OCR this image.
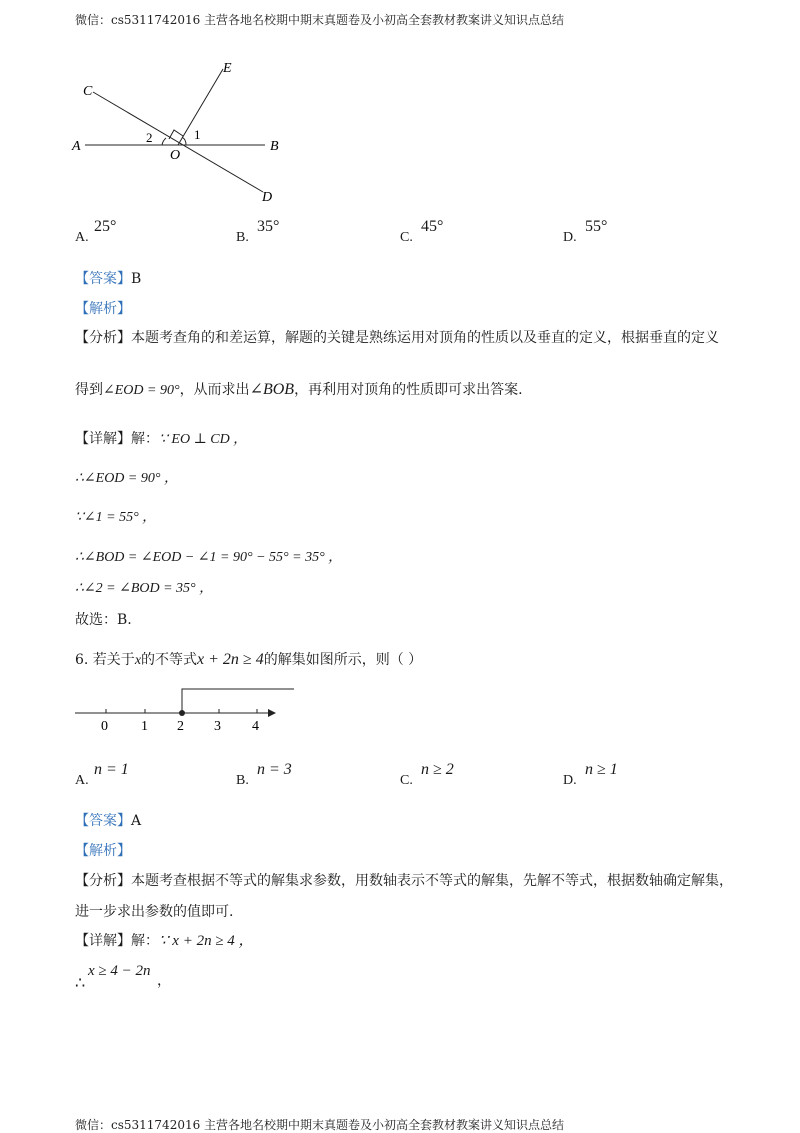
微信：cs5311742016 主营各地名校期中期末真题卷及小初高全套教材教案讲义知识点总结
E
C
A	B
D
O
1
2
A.
25°
B.
35°
C.
45°
D.
55°
【答案】B
【解析】
【分析】本题考查角的和差运算，解题的关键是熟练运用对顶角的性质以及垂直的定义，根据垂直的定义
得到∠EOD = 90°，从而求出∠BOB，再利用对顶角的性质即可求出答案.
【详解】解：∵ EO ⊥ CD ，
∴∠EOD = 90° ，
∵∠1 = 55° ，
∴∠BOD = ∠EOD − ∠1 = 90° − 55° = 35° ，
∴∠2 = ∠BOD = 35° ，
故选：B.
6. 若关于x的不等式x + 2n ≥ 4的解集如图所示，则（ ）
0 1 2 3 4
A.
n = 1
B.
n = 3
C.
n ≥ 2
D.
n ≥ 1
【答案】A
【解析】
【分析】本题考查根据不等式的解集求参数，用数轴表示不等式的解集，先解不等式，根据数轴确定解集，
进一步求出参数的值即可.
【详解】解：∵ x + 2n ≥ 4 ，
∴
x ≥ 4 − 2n
，
微信：cs5311742016 主营各地名校期中期末真题卷及小初高全套教材教案讲义知识点总结
